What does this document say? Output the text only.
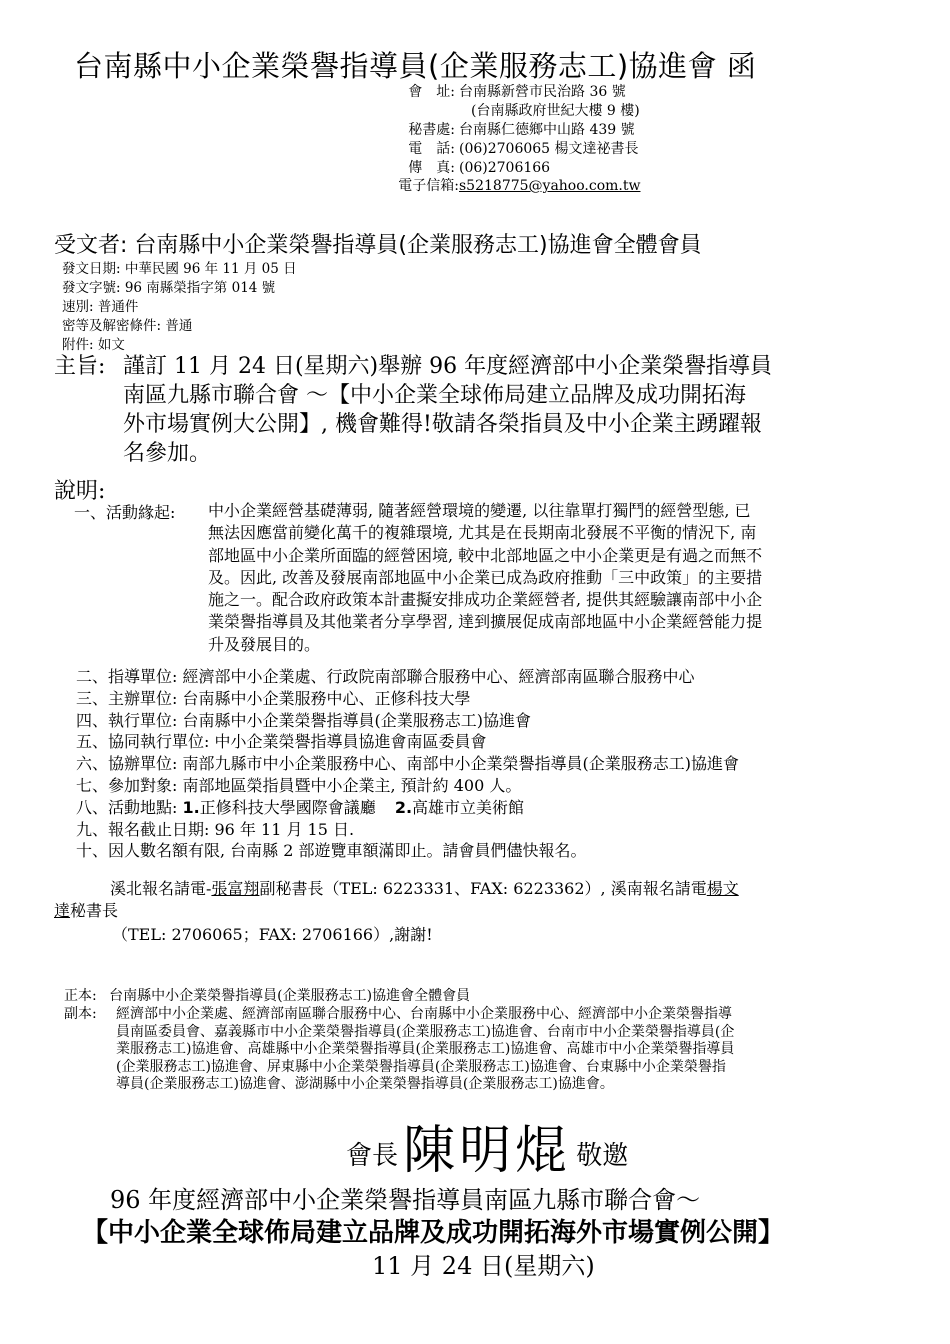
台南縣中小企業榮譽指導員(企業服務志工)協進會 函
會　址: 台南縣新營市民治路 36 號
(台南縣政府世紀大樓 9 樓)
秘書處: 台南縣仁德鄉中山路 439 號
電　話: (06)2706065 楊文達祕書長
傳　真: (06)2706166
電子信箱:s5218775@yahoo.com.tw
受文者: 台南縣中小企業榮譽指導員(企業服務志工)協進會全體會員
發文日期: 中華民國 96 年 11 月 05 日
發文字號: 96 南縣榮指字第 014 號
速別: 普通件
密等及解密條件: 普通
附件: 如文
主旨: 謹訂 11 月 24 日(星期六)舉辦 96 年度經濟部中小企業榮譽指導員
南區九縣市聯合會 ～【中小企業全球佈局建立品牌及成功開拓海
外市場實例大公開】, 機會難得!敬請各榮指員及中小企業主踴躍報
名參加。
說明:
一、活動緣起: 中小企業經營基礎薄弱, 隨著經營環境的變遷, 以往靠單打獨鬥的經營型態, 已
無法因應當前變化萬千的複雜環境, 尤其是在長期南北發展不平衡的情況下, 南
部地區中小企業所面臨的經營困境, 較中北部地區之中小企業更是有過之而無不
及。因此, 改善及發展南部地區中小企業已成為政府推動「三中政策」的主要措
施之一。配合政府政策本計畫擬安排成功企業經營者, 提供其經驗讓南部中小企
業榮譽指導員及其他業者分享學習, 達到擴展促成南部地區中小企業經營能力提
升及發展目的。
二、指導單位: 經濟部中小企業處、行政院南部聯合服務中心、經濟部南區聯合服務中心
三、主辦單位: 台南縣中小企業服務中心、正修科技大學
四、執行單位: 台南縣中小企業榮譽指導員(企業服務志工)協進會
五、協同執行單位: 中小企業榮譽指導員協進會南區委員會
六、協辦單位: 南部九縣市中小企業服務中心、南部中小企業榮譽指導員(企業服務志工)協進會
七、參加對象: 南部地區榮指員暨中小企業主, 預計約 400 人。
八、活動地點: 1.正修科技大學國際會議廳 2.高雄市立美術館
九、報名截止日期: 96 年 11 月 15 日.
十、因人數名額有限, 台南縣 2 部遊覽車額滿即止。請會員們儘快報名。
溪北報名請電-張富翔副秘書長（TEL: 6223331、FAX: 6223362）, 溪南報名請電楊文
達秘書長
（TEL: 2706065；FAX: 2706166）,謝謝!
正本: 台南縣中小企業榮譽指導員(企業服務志工)協進會全體會員
副本: 經濟部中小企業處、經濟部南區聯合服務中心、台南縣中小企業服務中心、經濟部中小企業榮譽指導
員南區委員會、嘉義縣市中小企業榮譽指導員(企業服務志工)協進會、台南市中小企業榮譽指導員(企
業服務志工)協進會、高雄縣中小企業榮譽指導員(企業服務志工)協進會、高雄市中小企業榮譽指導員
(企業服務志工)協進會、屏東縣中小企業榮譽指導員(企業服務志工)協進會、台東縣中小企業榮譽指
導員(企業服務志工)協進會、澎湖縣中小企業榮譽指導員(企業服務志工)協進會。
會長 陳明焜 敬邀
96 年度經濟部中小企業榮譽指導員南區九縣市聯合會～
【中小企業全球佈局建立品牌及成功開拓海外市場實例公開】
11 月 24 日(星期六)
